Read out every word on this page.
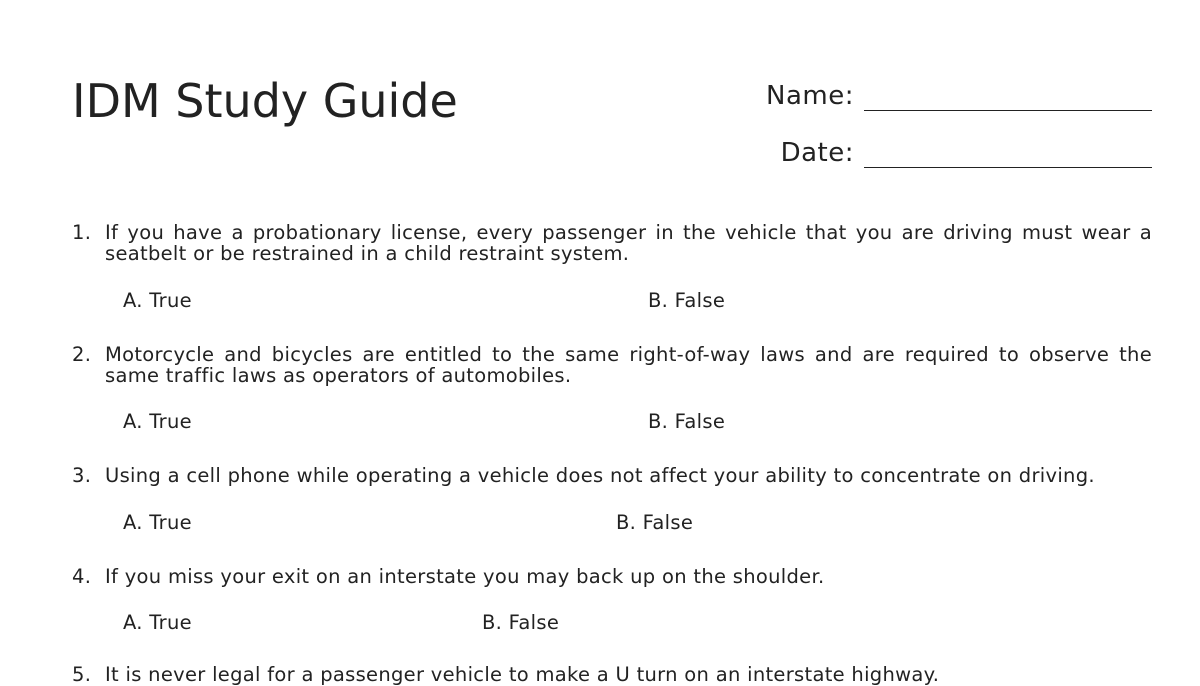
IDM Study Guide	Name:
Date:
1. If you have a probationary license, every passenger in the vehicle that you are driving must wear a seatbelt or be restrained in a child restraint system.
A. True	B. False
2. Motorcycle and bicycles are entitled to the same right-of-way laws and are required to observe the same traffic laws as operators of automobiles.
A. True	B. False
3. Using a cell phone while operating a vehicle does not affect your ability to concentrate on driving.
A. True	B. False
4. If you miss your exit on an interstate you may back up on the shoulder.
A. True	B. False
5. It is never legal for a passenger vehicle to make a U turn on an interstate highway.
